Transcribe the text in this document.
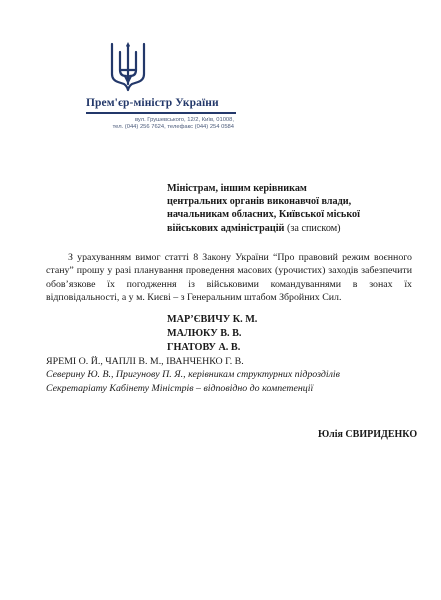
Прем'єр-міністр України
вул. Грушевського, 12/2, Київ, 01008,
тел. (044) 256 7624, телефакс (044) 254 0584
Міністрам, іншим керівникам
центральних органів виконавчої влади,
начальникам обласних, Київської міської
військових адміністрацій (за списком)
З урахуванням вимог статті 8 Закону України “Про правовий режим воєнного стану” прошу у разі планування проведення масових (урочистих) заходів забезпечити обов’язкове їх погодження із військовими командуваннями в зонах їх відповідальності, а у м. Києві – з Генеральним штабом Збройних Сил.
МАР’ЄВИЧУ К. М.
МАЛЮКУ В. В.
ГНАТОВУ А. В.
ЯРЕМІ О. Й., ЧАПЛІ В. М., ІВАНЧЕНКО Г. В.
Северину Ю. В., Пригунову П. Я., керівникам структурних підрозділів
Секретаріату Кабінету Міністрів – відповідно до компетенції
Юлія СВИРИДЕНКО
